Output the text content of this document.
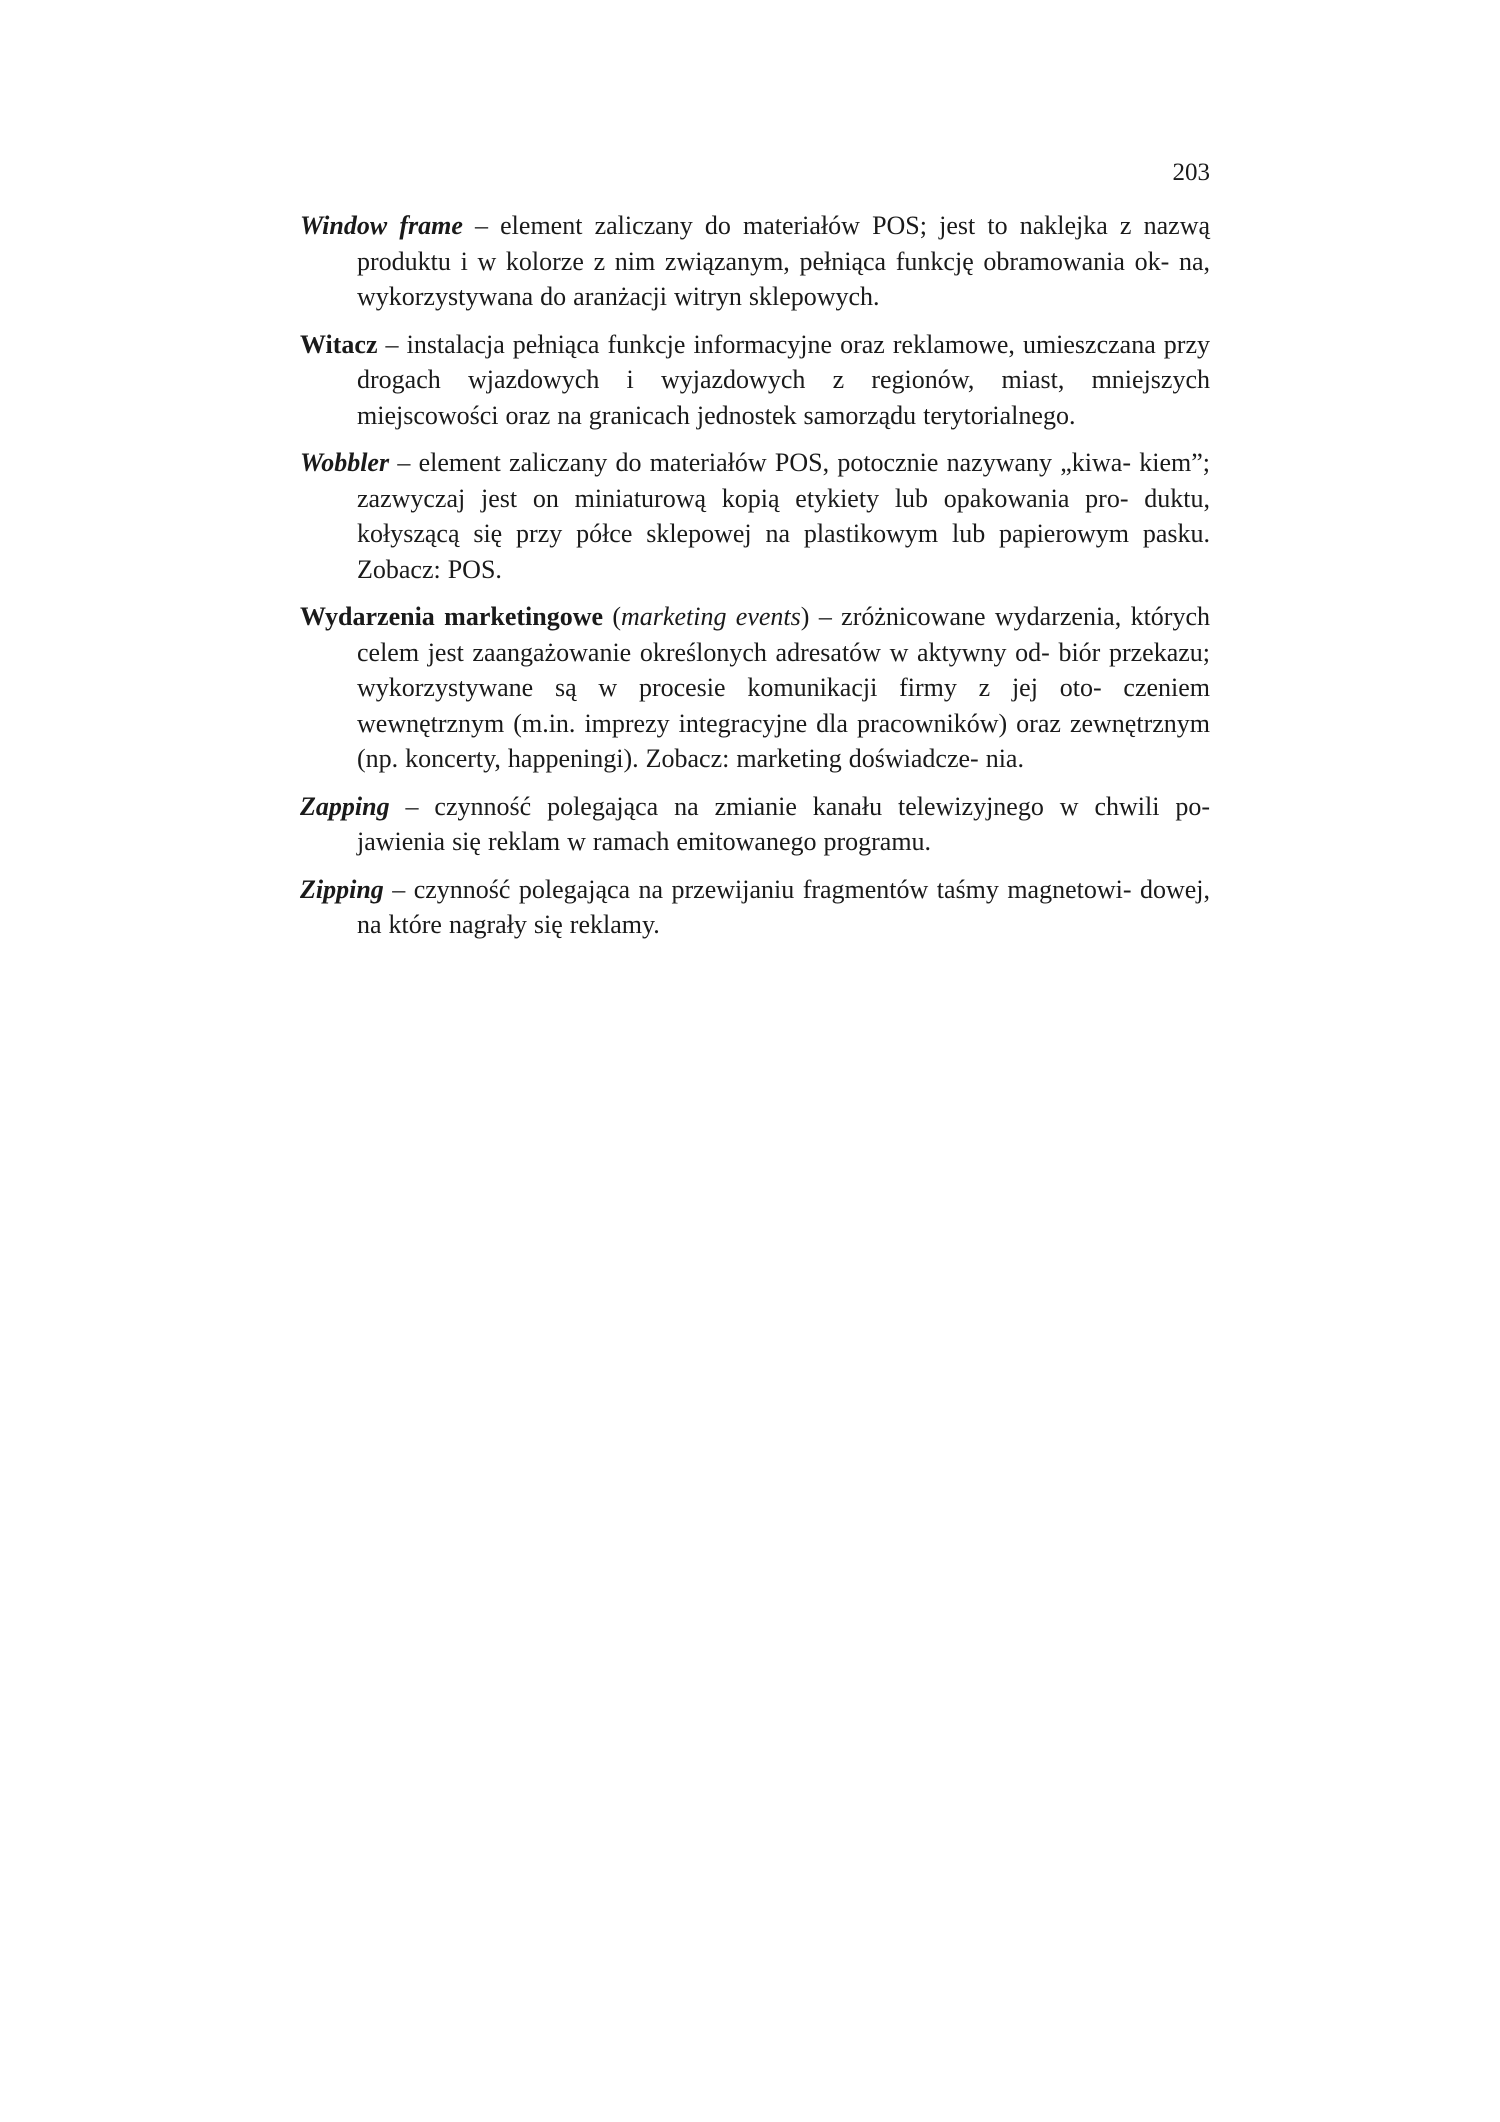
203

Window frame – element zaliczany do materiałów POS; jest to naklejka z nazwą produktu i w kolorze z nim związanym, pełniąca funkcję obramowania ok- na, wykorzystywana do aranżacji witryn sklepowych.

Witacz – instalacja pełniąca funkcje informacyjne oraz reklamowe, umieszczana przy drogach wjazdowych i wyjazdowych z regionów, miast, mniejszych miejscowości oraz na granicach jednostek samorządu terytorialnego.

Wobbler – element zaliczany do materiałów POS, potocznie nazywany „kiwa- kiem”; zazwyczaj jest on miniaturową kopią etykiety lub opakowania pro- duktu, kołyszącą się przy półce sklepowej na plastikowym lub papierowym pasku. Zobacz: POS.

Wydarzenia marketingowe (marketing events) – zróżnicowane wydarzenia, których celem jest zaangażowanie określonych adresatów w aktywny od- biór przekazu; wykorzystywane są w procesie komunikacji firmy z jej oto- czeniem wewnętrznym (m.in. imprezy integracyjne dla pracowników) oraz zewnętrznym (np. koncerty, happeningi). Zobacz: marketing doświadcze- nia.

Zapping – czynność polegająca na zmianie kanału telewizyjnego w chwili po- jawienia się reklam w ramach emitowanego programu.

Zipping – czynność polegająca na przewijaniu fragmentów taśmy magnetowi- dowej, na które nagrały się reklamy.
